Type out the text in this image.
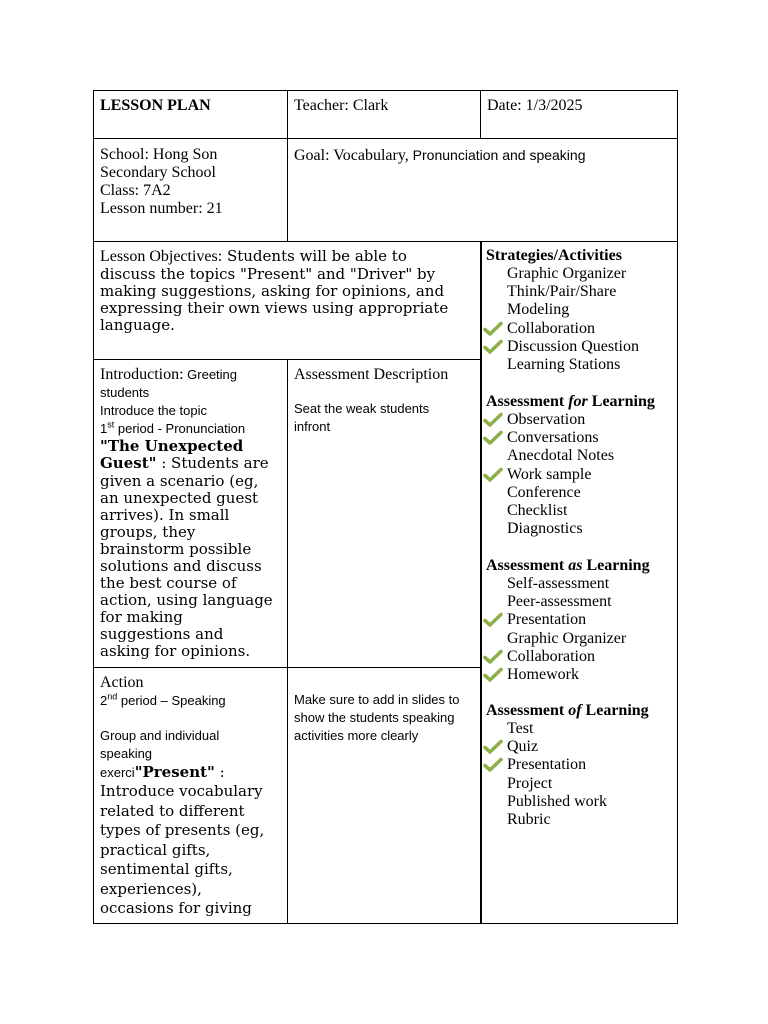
LESSON PLAN	Teacher: Clark	Date: 1/3/2025
School: Hong Son
Secondary School
Class: 7A2
Lesson number: 21
Goal: Vocabulary, Pronunciation and speaking
Lesson Objectives: Students will be able to
discuss the topics "Present" and "Driver" by
making suggestions, asking for opinions, and
expressing their own views using appropriate
language.
Introduction: Greeting
students
Introduce the topic
1st period - Pronunciation
"The Unexpected
Guest" : Students are
given a scenario (eg,
an unexpected guest
arrives). In small
groups, they
brainstorm possible
solutions and discuss
the best course of
action, using language
for making
suggestions and
asking for opinions.
Assessment Description
Seat the weak students
infront
Action
2nd period – Speaking
Group and individual
speaking
exerci"Present" :
Introduce vocabulary
related to different
types of presents (eg,
practical gifts,
sentimental gifts,
experiences),
occasions for giving
Make sure to add in slides to
show the students speaking
activities more clearly
Strategies/Activities
Graphic Organizer
Think/Pair/Share
Modeling
Collaboration
Discussion Question
Learning Stations
Assessment for Learning
Observation
Conversations
Anecdotal Notes
Work sample
Conference
Checklist
Diagnostics
Assessment as Learning
Self-assessment
Peer-assessment
Presentation
Graphic Organizer
Collaboration
Homework
Assessment of Learning
Test
Quiz
Presentation
Project
Published work
Rubric
